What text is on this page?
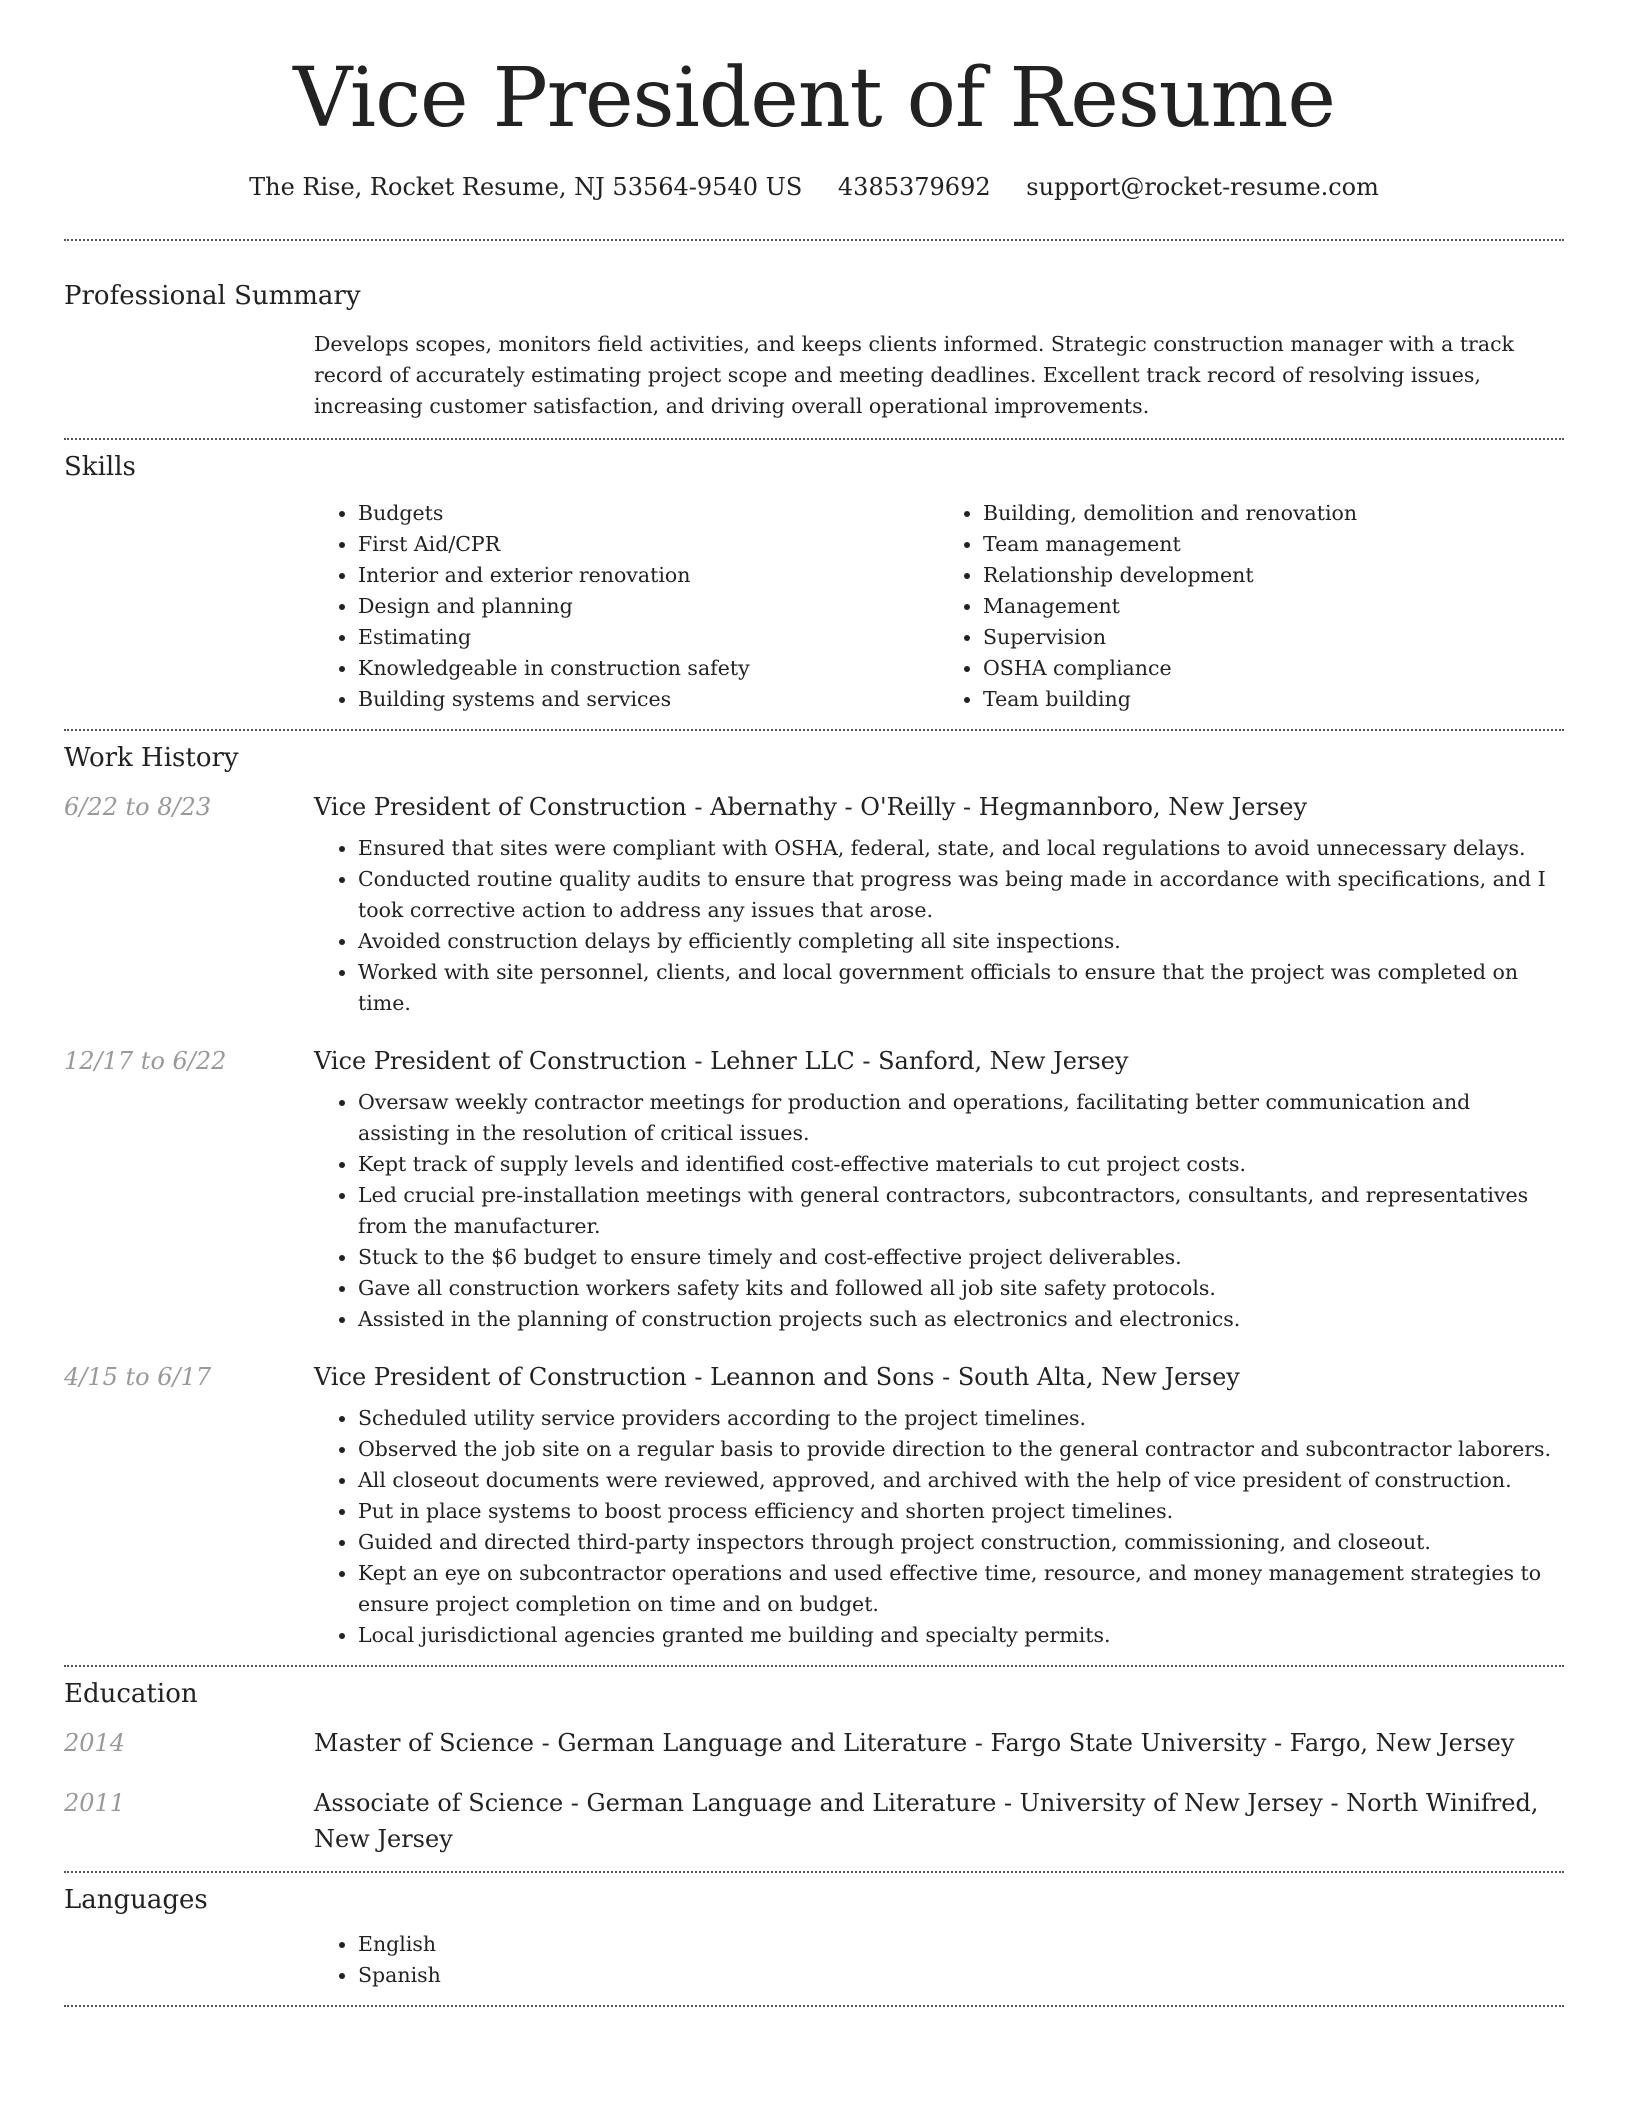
Vice President of Resume
The Rise, Rocket Resume, NJ 53564-9540 US 4385379692 support@rocket-resume.com
Professional Summary
Develops scopes, monitors field activities, and keeps clients informed. Strategic construction manager with a track record of accurately estimating project scope and meeting deadlines. Excellent track record of resolving issues, increasing customer satisfaction, and driving overall operational improvements.
Skills
• Budgets
• First Aid/CPR
• Interior and exterior renovation
• Design and planning
• Estimating
• Knowledgeable in construction safety
• Building systems and services
• Building, demolition and renovation
• Team management
• Relationship development
• Management
• Supervision
• OSHA compliance
• Team building
Work History
6/22 to 8/23	Vice President of Construction - Abernathy - O'Reilly - Hegmannboro, New Jersey
• Ensured that sites were compliant with OSHA, federal, state, and local regulations to avoid unnecessary delays.
• Conducted routine quality audits to ensure that progress was being made in accordance with specifications, and I took corrective action to address any issues that arose.
• Avoided construction delays by efficiently completing all site inspections.
• Worked with site personnel, clients, and local government officials to ensure that the project was completed on time.
12/17 to 6/22	Vice President of Construction - Lehner LLC - Sanford, New Jersey
• Oversaw weekly contractor meetings for production and operations, facilitating better communication and assisting in the resolution of critical issues.
• Kept track of supply levels and identified cost-effective materials to cut project costs.
• Led crucial pre-installation meetings with general contractors, subcontractors, consultants, and representatives from the manufacturer.
• Stuck to the $6 budget to ensure timely and cost-effective project deliverables.
• Gave all construction workers safety kits and followed all job site safety protocols.
• Assisted in the planning of construction projects such as electronics and electronics.
4/15 to 6/17	Vice President of Construction - Leannon and Sons - South Alta, New Jersey
• Scheduled utility service providers according to the project timelines.
• Observed the job site on a regular basis to provide direction to the general contractor and subcontractor laborers.
• All closeout documents were reviewed, approved, and archived with the help of vice president of construction.
• Put in place systems to boost process efficiency and shorten project timelines.
• Guided and directed third-party inspectors through project construction, commissioning, and closeout.
• Kept an eye on subcontractor operations and used effective time, resource, and money management strategies to ensure project completion on time and on budget.
• Local jurisdictional agencies granted me building and specialty permits.
Education
2014	Master of Science - German Language and Literature - Fargo State University - Fargo, New Jersey
2011	Associate of Science - German Language and Literature - University of New Jersey - North Winifred, New Jersey
Languages
• English
• Spanish
